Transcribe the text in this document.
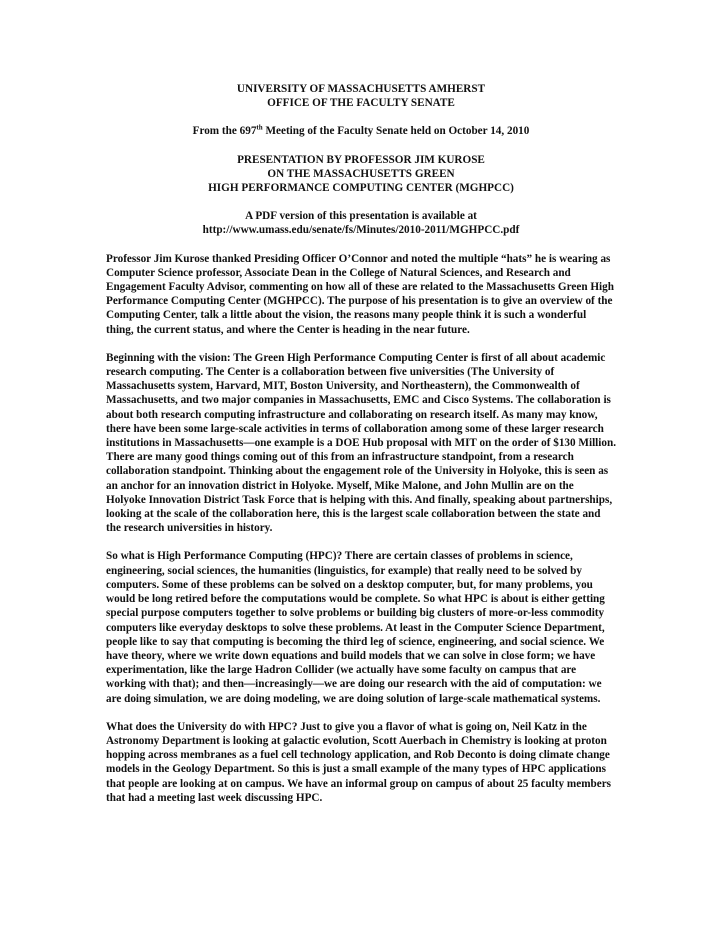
UNIVERSITY OF MASSACHUSETTS AMHERST
OFFICE OF THE FACULTY SENATE
From the 697th Meeting of the Faculty Senate held on October 14, 2010
PRESENTATION BY PROFESSOR JIM KUROSE
ON THE MASSACHUSETTS GREEN
HIGH PERFORMANCE COMPUTING CENTER (MGHPCC)
A PDF version of this presentation is available at
http://www.umass.edu/senate/fs/Minutes/2010-2011/MGHPCC.pdf

Professor Jim Kurose thanked Presiding Officer O’Connor and noted the multiple “hats” he is wearing as Computer Science professor, Associate Dean in the College of Natural Sciences, and Research and Engagement Faculty Advisor, commenting on how all of these are related to the Massachusetts Green High Performance Computing Center (MGHPCC). The purpose of his presentation is to give an overview of the Computing Center, talk a little about the vision, the reasons many people think it is such a wonderful thing, the current status, and where the Center is heading in the near future.

Beginning with the vision: The Green High Performance Computing Center is first of all about academic research computing. The Center is a collaboration between five universities (The University of Massachusetts system, Harvard, MIT, Boston University, and Northeastern), the Commonwealth of Massachusetts, and two major companies in Massachusetts, EMC and Cisco Systems. The collaboration is about both research computing infrastructure and collaborating on research itself. As many may know, there have been some large-scale activities in terms of collaboration among some of these larger research institutions in Massachusetts—one example is a DOE Hub proposal with MIT on the order of $130 Million. There are many good things coming out of this from an infrastructure standpoint, from a research collaboration standpoint. Thinking about the engagement role of the University in Holyoke, this is seen as an anchor for an innovation district in Holyoke. Myself, Mike Malone, and John Mullin are on the Holyoke Innovation District Task Force that is helping with this. And finally, speaking about partnerships, looking at the scale of the collaboration here, this is the largest scale collaboration between the state and the research universities in history.

So what is High Performance Computing (HPC)? There are certain classes of problems in science, engineering, social sciences, the humanities (linguistics, for example) that really need to be solved by computers. Some of these problems can be solved on a desktop computer, but, for many problems, you would be long retired before the computations would be complete. So what HPC is about is either getting special purpose computers together to solve problems or building big clusters of more-or-less commodity computers like everyday desktops to solve these problems. At least in the Computer Science Department, people like to say that computing is becoming the third leg of science, engineering, and social science. We have theory, where we write down equations and build models that we can solve in close form; we have experimentation, like the large Hadron Collider (we actually have some faculty on campus that are working with that); and then—increasingly—we are doing our research with the aid of computation: we are doing simulation, we are doing modeling, we are doing solution of large-scale mathematical systems.

What does the University do with HPC? Just to give you a flavor of what is going on, Neil Katz in the Astronomy Department is looking at galactic evolution, Scott Auerbach in Chemistry is looking at proton hopping across membranes as a fuel cell technology application, and Rob Deconto is doing climate change models in the Geology Department. So this is just a small example of the many types of HPC applications that people are looking at on campus. We have an informal group on campus of about 25 faculty members that had a meeting last week discussing HPC.
